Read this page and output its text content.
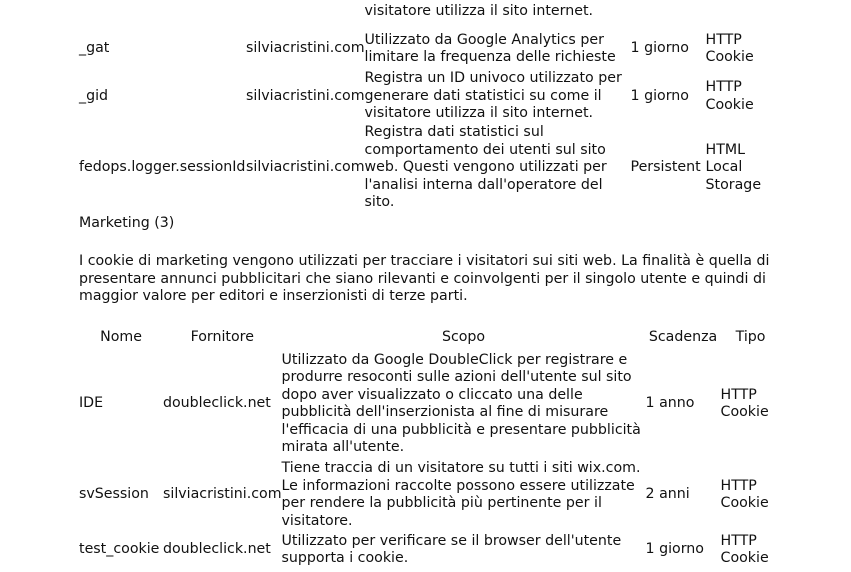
		visitatore utilizza il sito internet.		
_gat	silviacristini.com	Utilizzato da Google Analytics per limitare la frequenza delle richieste	1 giorno	HTTP Cookie
_gid	silviacristini.com	Registra un ID univoco utilizzato per generare dati statistici su come il visitatore utilizza il sito internet.	1 giorno	HTTP Cookie
fedops.logger.sessionId	silviacristini.com	Registra dati statistici sul comportamento dei utenti sul sito web. Questi vengono utilizzati per l'analisi interna dall'operatore del sito.	Persistent	HTML Local Storage
Marketing (3)
I cookie di marketing vengono utilizzati per tracciare i visitatori sui siti web. La finalità è quella di presentare annunci pubblicitari che siano rilevanti e coinvolgenti per il singolo utente e quindi di maggior valore per editori e inserzionisti di terze parti.
Nome	Fornitore	Scopo	Scadenza	Tipo
IDE	doubleclick.net	Utilizzato da Google DoubleClick per registrare e produrre resoconti sulle azioni dell'utente sul sito dopo aver visualizzato o cliccato una delle pubblicità dell'inserzionista al fine di misurare l'efficacia di una pubblicità e presentare pubblicità mirata all'utente.	1 anno	HTTP Cookie
svSession	silviacristini.com	Tiene traccia di un visitatore su tutti i siti wix.com. Le informazioni raccolte possono essere utilizzate per rendere la pubblicità più pertinente per il visitatore.	2 anni	HTTP Cookie
test_cookie	doubleclick.net	Utilizzato per verificare se il browser dell'utente supporta i cookie.	1 giorno	HTTP Cookie
